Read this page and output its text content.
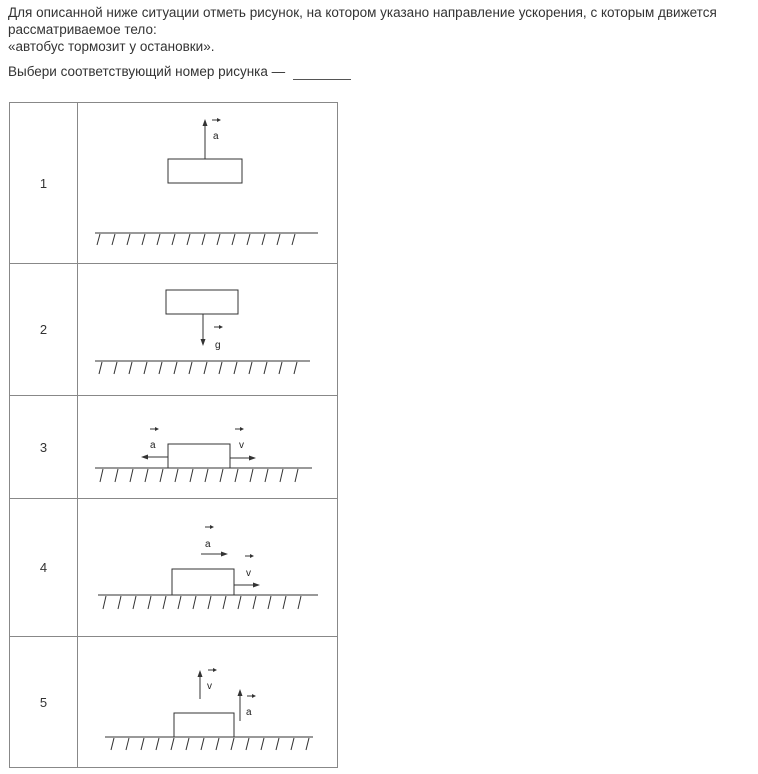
Для описанной ниже ситуации отметь рисунок, на котором указано направление ускорения, с которым движется рассматриваемое тело:

«автобус тормозит у остановки».

Выбери соответствующий номер рисунка —
1	a

2	g

3	a v

4	a
v

5	v
a
